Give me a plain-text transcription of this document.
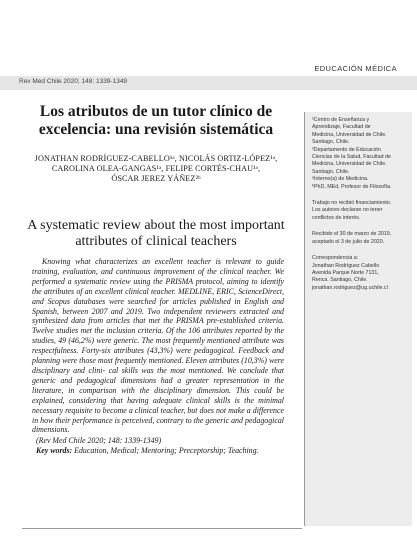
EDUCACIÓN MÉDICA
Rev Med Chile 2020; 148: 1339-1349
Los atributos de un tutor clínico de
excelencia: una revisión sistemática
JONATHAN RODRÍGUEZ-CABELLO¹ᵃ, NICOLÁS ORTIZ-LÓPEZ¹ᵃ,
CAROLINA OLEA-GANGAS¹ᵃ, FELIPE CORTÉS-CHAU¹ᵃ,
ÓSCAR JEREZ YÁÑEZ²ᵇ
A systematic review about the most important
attributes of clinical teachers

Knowing what characterizes an excellent teacher is relevant to guide training, evaluation, and continuous improvement of the clinical teacher. We performed a systematic review using the PRISMA protocol, aiming to identify the attributes of an excellent clinical teacher. MEDLINE, ERIC, ScienceDirect, and Scopus databases were searched for articles published in English and Spanish, between 2007 and 2019. Two independent reviewers extracted and synthesized data from articles that met the PRISMA pre-established criteria. Twelve studies met the inclusion criteria. Of the 106 attributes reported by the studies, 49 (46,2%) were generic. The most frequently mentioned attribute was respectfulness. Forty-six attributes (43,3%) were pedagogical. Feedback and planning were those most frequently mentioned. Eleven attributes (10,3%) were disciplinary and clini- cal skills was the most mentioned. We conclude that generic and pedagogical dimensions had a greater representation in the literature, in comparison with the disciplinary dimension. This could be explained, considering that having adequate clinical skills is the minimal necessary requisite to become a clinical teacher, but does not make a difference in how their performance is perceived, contrary to the generic and pedagogical dimensions.

(Rev Med Chile 2020; 148: 1339-1349)
Key words: Education, Medical; Mentoring; Preceptorship; Teaching.
¹Centro de Enseñanza y
Aprendizaje, Facultad de
Medicina, Universidad de Chile.
Santiago, Chile.
²Departamento de Educación
Ciencias de la Salud, Facultad de
Medicina, Universidad de Chile.
Santiago, Chile.
ᵃInterno(a) de Medicina.
ᵇPhD, MEd, Profesor de Filosofía.
Trabajo no recibió financiamiento.
Los autores declaran no tener
conflictos de interés.
Recibido el 30 de marzo de 2019,
aceptado el 3 de julio de 2020.
Correspondencia a:
Jonathan Rodríguez Cabello
Avenida Parque Norte 7131,
Renca. Santiago, Chile.
jonathan.rodriguez@ug.uchile.cl
